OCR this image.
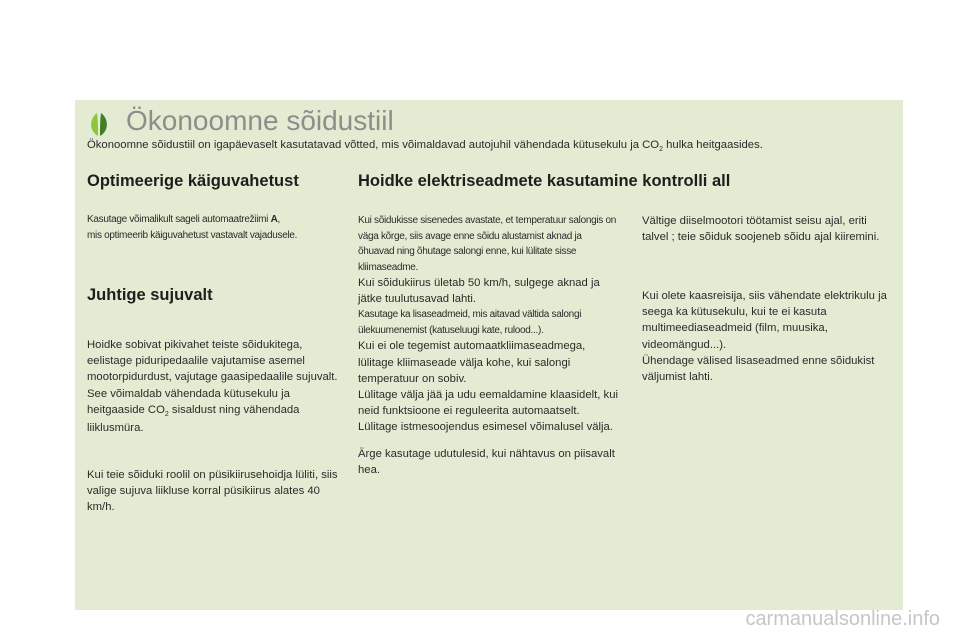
Ökonoomne sõidustiil
Ökonoomne sõidustiil on igapäevaselt kasutatavad võtted, mis võimaldavad autojuhil vähendada kütusekulu ja $CO_2$ hulka heitgaasides.
Optimeerige käiguvahetust
Kasutage võimalikult sageli automaatrežiimi A,
mis optimeerib käiguvahetust vastavalt vajadusele.
Juhtige sujuvalt
Hoidke sobivat pikivahet teiste sõidukitega, eelistage piduripedaalile vajutamise asemel mootorpidurdust, vajutage gaasipedaalile sujuvalt. See võimaldab vähendada kütusekulu ja heitgaaside $CO_2$ sisaldust ning vähendada liiklusmüra.
Kui teie sõiduki roolil on püsikiirusehoidja lüliti, siis valige sujuva liikluse korral püsikiirus alates 40 km/h.
Hoidke elektriseadmete kasutamine kontrolli all
Kui sõidukisse sisenedes avastate, et temperatuur salongis on väga kõrge, siis avage enne sõidu alustamist aknad ja õhuavad ning õhutage salongi enne, kui lülitate sisse kliimaseadme.
Kui sõidukiirus ületab 50 km/h, sulgege aknad ja jätke tuulutusavad lahti.
Kasutage ka lisaseadmeid, mis aitavad vältida salongi ülekuumenemist (katuseluugi kate, rulood...).
Kui ei ole tegemist automaatkliimaseadmega, lülitage kliimaseade välja kohe, kui salongi temperatuur on sobiv.
Lülitage välja jää ja udu eemaldamine klaasidelt, kui neid funktsioone ei reguleerita automaatselt.
Lülitage istmesoojendus esimesel võimalusel välja.
Ärge kasutage udutulesid, kui nähtavus on piisavalt hea.
Vältige diiselmootori töötamist seisu ajal, eriti talvel ; teie sõiduk soojeneb sõidu ajal kiiremini.
Kui olete kaasreisija, siis vähendate elektrikulu ja seega ka kütusekulu, kui te ei kasuta multimeediaseadmeid (film, muusika, videomängud...).
Ühendage välised lisaseadmed enne sõidukist väljumist lahti.
carmanualsonline.info
